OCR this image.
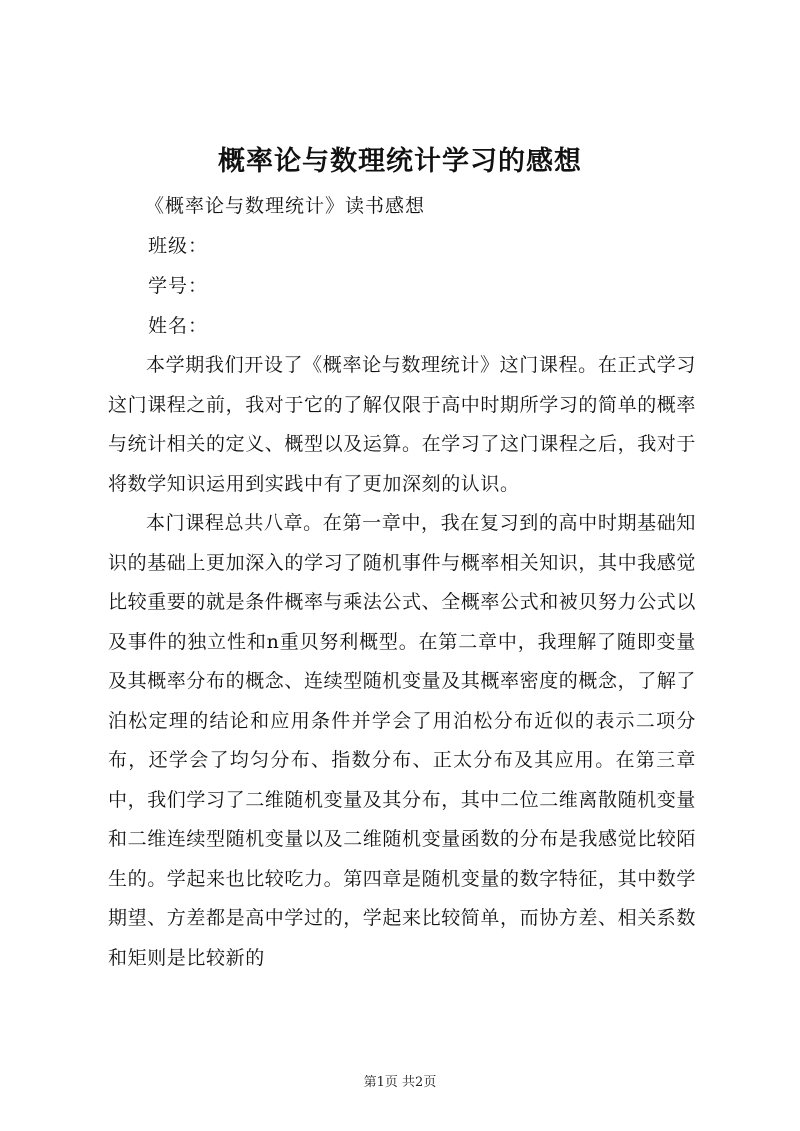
概率论与数理统计学习的感想
《概率论与数理统计》读书感想
班级：
学号：
姓名：

本学期我们开设了《概率论与数理统计》这门课程。在正式学习这门课程之前，我对于它的了解仅限于高中时期所学习的简单的概率与统计相关的定义、概型以及运算。在学习了这门课程之后，我对于将数学知识运用到实践中有了更加深刻的认识。

本门课程总共八章。在第一章中，我在复习到的高中时期基础知识的基础上更加深入的学习了随机事件与概率相关知识，其中我感觉比较重要的就是条件概率与乘法公式、全概率公式和被贝努力公式以及事件的独立性和n重贝努利概型。在第二章中，我理解了随即变量及其概率分布的概念、连续型随机变量及其概率密度的概念，了解了泊松定理的结论和应用条件并学会了用泊松分布近似的表示二项分布，还学会了均匀分布、指数分布、正太分布及其应用。在第三章中，我们学习了二维随机变量及其分布，其中二位二维离散随机变量和二维连续型随机变量以及二维随机变量函数的分布是我感觉比较陌生的。学起来也比较吃力。第四章是随机变量的数字特征，其中数学期望、方差都是高中学过的，学起来比较简单，而协方差、相关系数和矩则是比较新的

第1页 共2页
